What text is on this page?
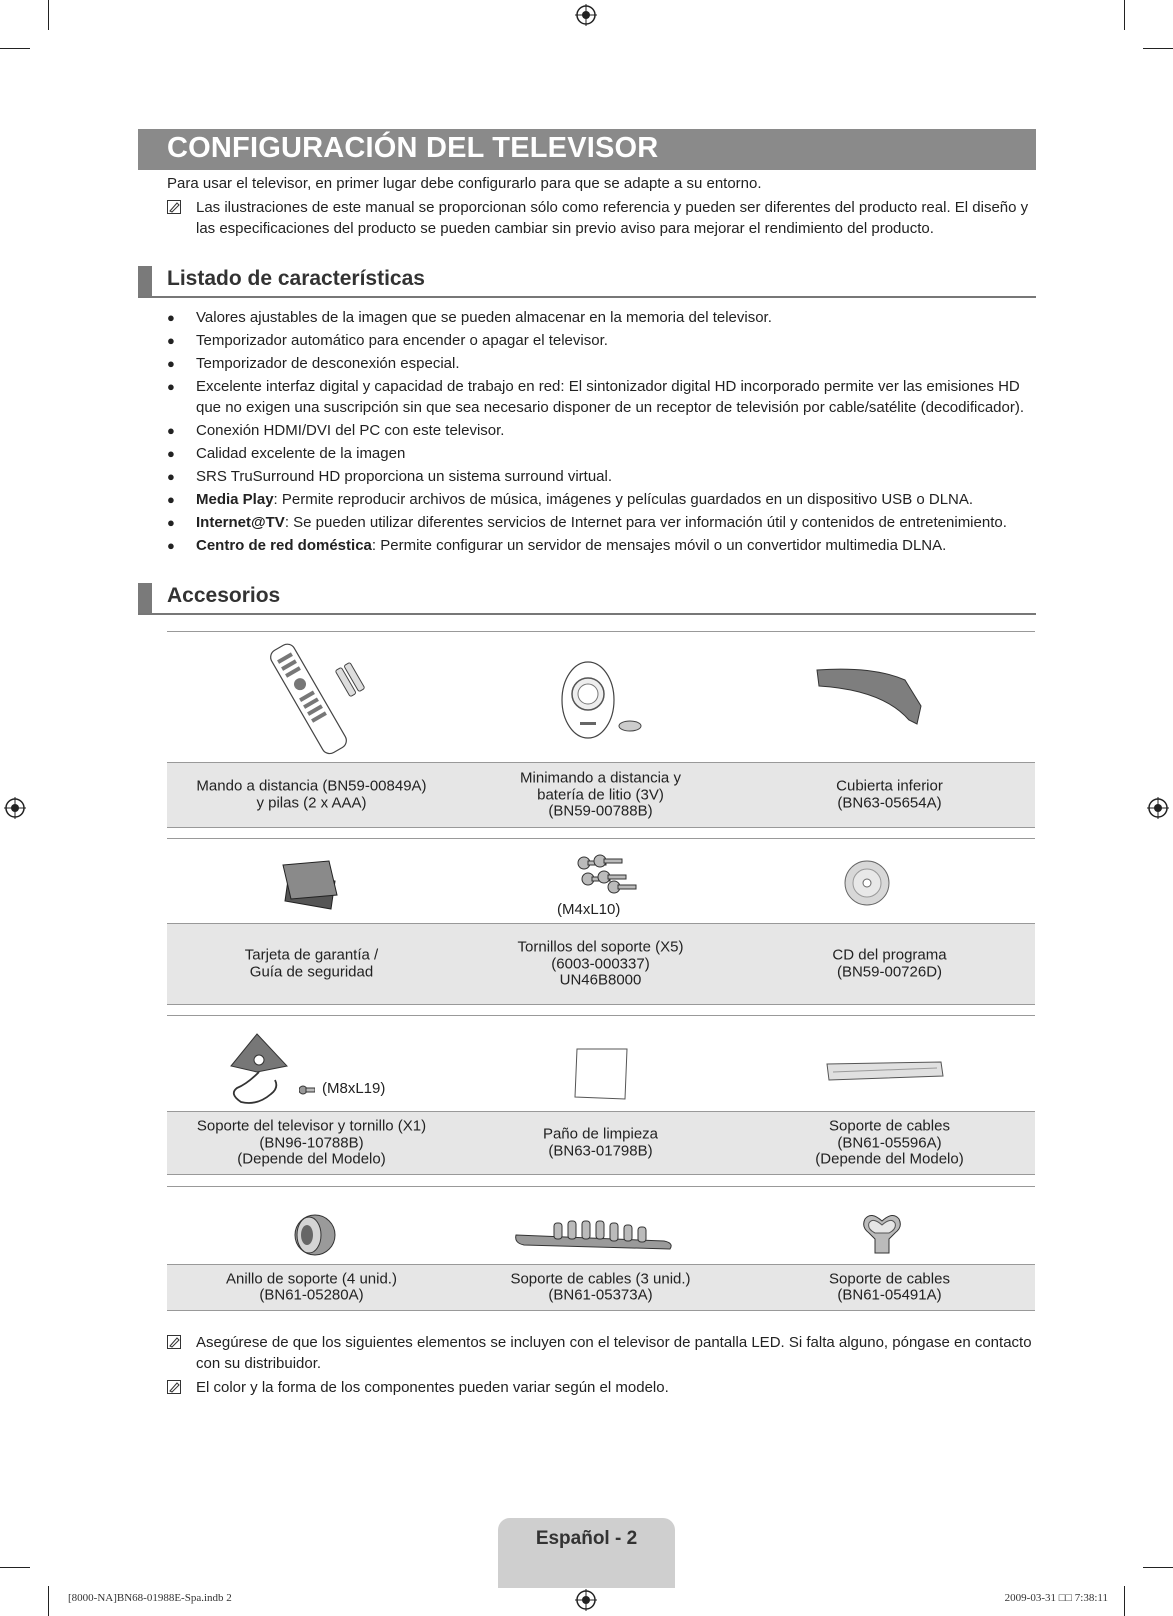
CONFIGURACIÓN DEL TELEVISOR
Para usar el televisor, en primer lugar debe configurarlo para que se adapte a su entorno.
Las ilustraciones de este manual se proporcionan sólo como referencia y pueden ser diferentes del producto real. El diseño y las especificaciones del producto se pueden cambiar sin previo aviso para mejorar el rendimiento del producto.
Listado de características
● Valores ajustables de la imagen que se pueden almacenar en la memoria del televisor.
● Temporizador automático para encender o apagar el televisor.
● Temporizador de desconexión especial.
● Excelente interfaz digital y capacidad de trabajo en red: El sintonizador digital HD incorporado permite ver las emisiones HD que no exigen una suscripción sin que sea necesario disponer de un receptor de televisión por cable/satélite (decodificador).
● Conexión HDMI/DVI del PC con este televisor.
● Calidad excelente de la imagen
● SRS TruSurround HD proporciona un sistema surround virtual.
● Media Play: Permite reproducir archivos de música, imágenes y películas guardados en un dispositivo USB o DLNA.
● Internet@TV: Se pueden utilizar diferentes servicios de Internet para ver información útil y contenidos de entretenimiento.
● Centro de red doméstica: Permite configurar un servidor de mensajes móvil o un convertidor multimedia DLNA.
Accesorios
Mando a distancia (BN59-00849A)
y pilas (2 x AAA)
Minimando a distancia y
batería de litio (3V)
(BN59-00788B)
Cubierta inferior
(BN63-05654A)
(M4xL10)
Tarjeta de garantía /
Guía de seguridad
Tornillos del soporte (X5)
(6003-000337)
UN46B8000
CD del programa
(BN59-00726D)
(M8xL19)
Soporte del televisor y tornillo (X1)
(BN96-10788B)
(Depende del Modelo)
Paño de limpieza
(BN63-01798B)
Soporte de cables
(BN61-05596A)
(Depende del Modelo)
Anillo de soporte (4 unid.)
(BN61-05280A)
Soporte de cables (3 unid.)
(BN61-05373A)
Soporte de cables
(BN61-05491A)
Asegúrese de que los siguientes elementos se incluyen con el televisor de pantalla LED. Si falta alguno, póngase en contacto con su distribuidor.
El color y la forma de los componentes pueden variar según el modelo.
Español - 2
[8000-NA]BN68-01988E-Spa.indb 2	2009-03-31 □□ 7:38:11
